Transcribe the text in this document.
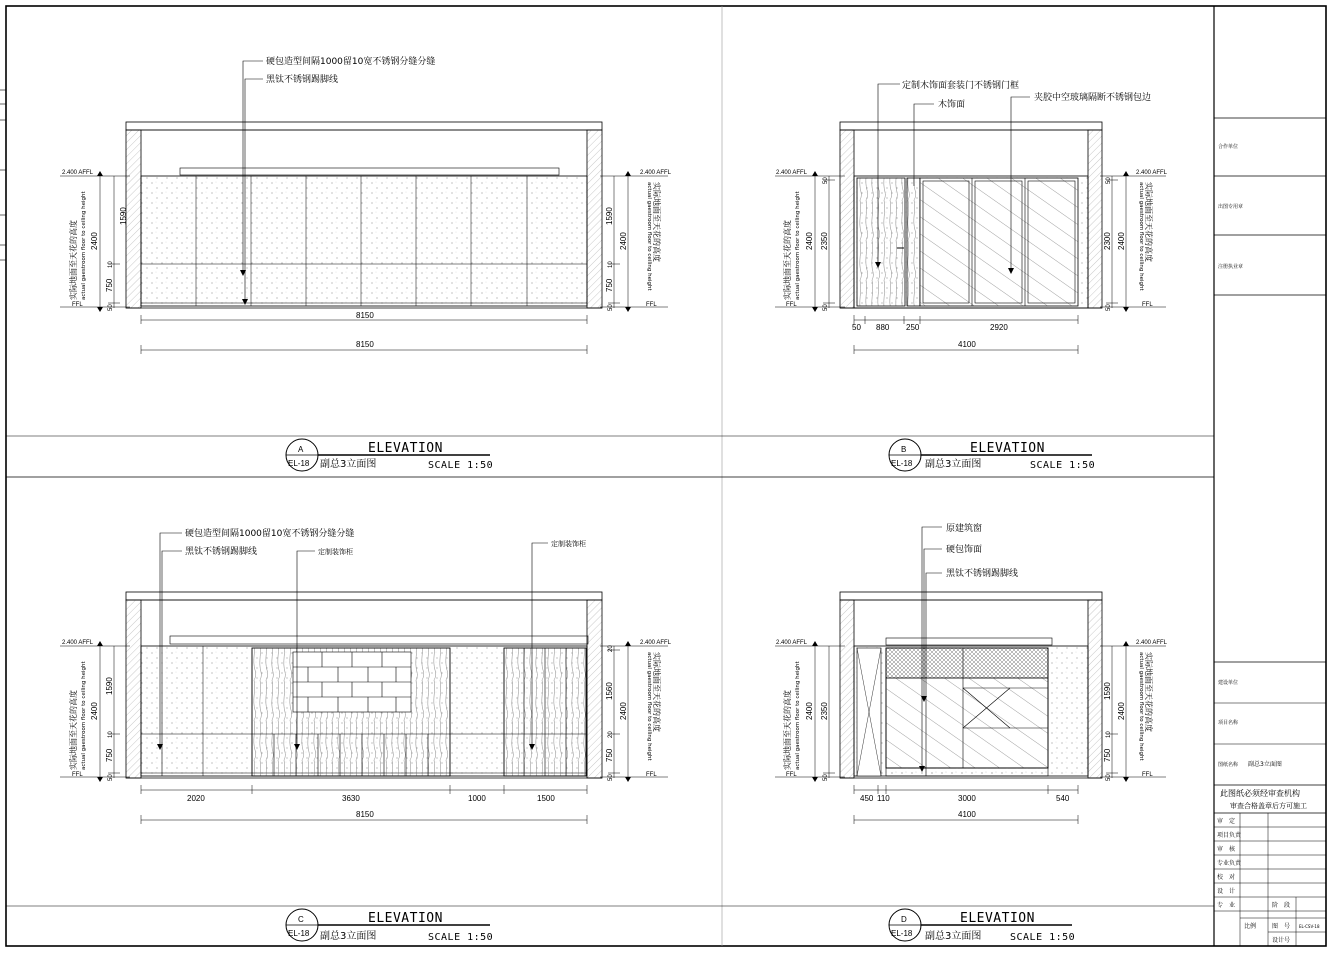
硬包造型间隔1000留10宽不锈钢分缝分缝
黑钛不锈钢踢脚线
定制木饰面套装门不锈钢门框
木饰面
夹胶中空玻璃隔断不锈钢包边
硬包造型间隔1000留10宽不锈钢分缝分缝
黑钛不锈钢踢脚线	定制装饰柜
定制装饰柜
原建筑窗
硬包饰面
黑钛不锈钢踢脚线
2.400 AFFL	2.400 AFFL
FFL	FFL
2.400 AFFL	2.400 AFFL
FFL	FFL
2.400 AFFL	2.400 AFFL
FFL	FFL
2.400 AFFL	2.400 AFFL
FFL	FFL
实际地面至天花的高度 actual gaestroom floor to ceiling height	actual gaestroom floor to ceiling height 实际地面至天花的高度	实际地面至天花的高度 actual gaestroom floor to ceiling height	actual gaestroom floor to ceiling height 实际地面至天花的高度
实际地面至天花的高度 actual gaestroom floor to ceiling height	actual gaestroom floor to ceiling height 实际地面至天花的高度	实际地面至天花的高度 actual gaestroom floor to ceiling height	actual gaestroom floor to ceiling height 实际地面至天花的高度
1590
10
750
50
2400
1590
10
750
50
2400
8150
8150
50
2350
50
2400
50
2300
50
2400
50 880 250	2920
4100
1590
10
750
50
2400
20
1560
20
750
50
2400
2020	3630	1000	1500
8150
50
2350
2400
1590
10
750
50
2400
450 110	3000	540
4100
A
EL-18
ELEVATION
副总3立面图	SCALE 1:50
B
EL-18
ELEVATION
副总3立面图	SCALE 1:50
C
EL-18
ELEVATION
副总3立面图	SCALE 1:50
D
EL-18
ELEVATION
副总3立面图	SCALE 1:50
合作单位
出图专用章
注册执业章
建设单位
项目名称
图纸名称 副总3立面图
此图纸必须经审查机构
审查合格盖章后方可施工
审　定
项目负责
审　核
专业负责
校　对
设　计
专　业	阶　段
比例	图　号 EL-CSV-18
设计号
